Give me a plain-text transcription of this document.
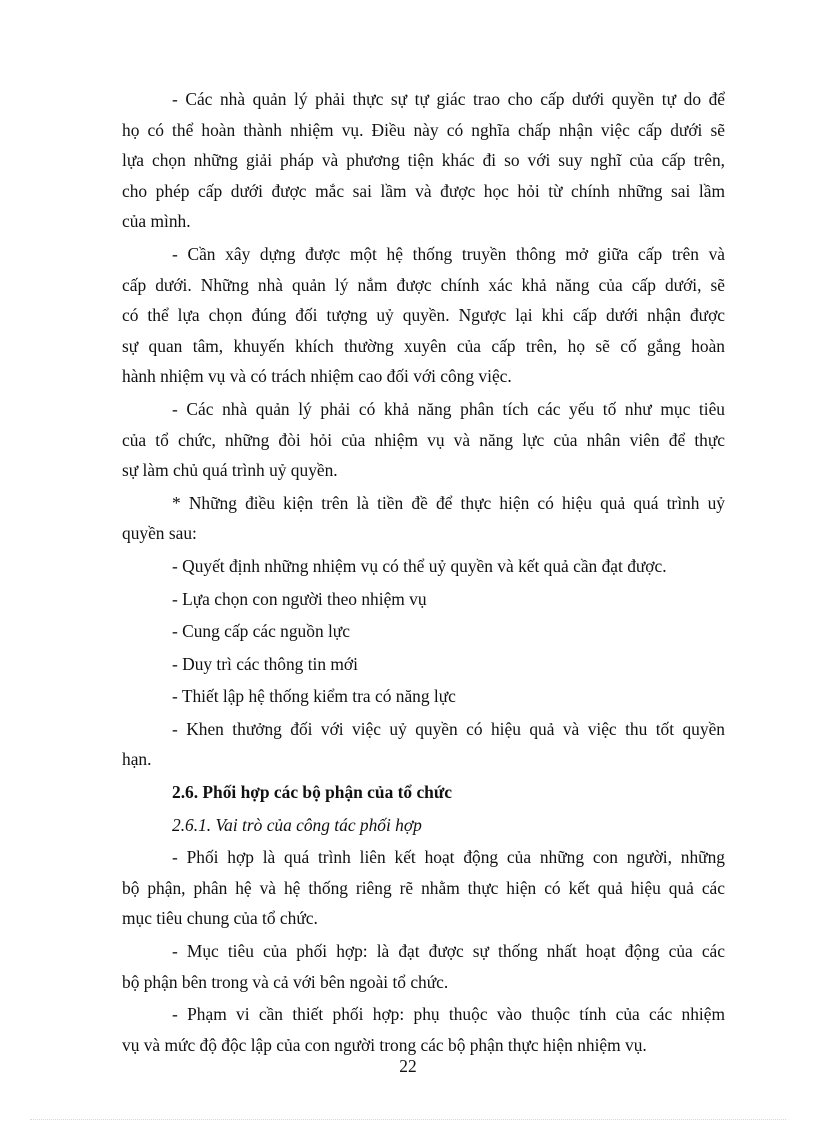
- Các nhà quản lý phải thực sự tự giác trao cho cấp dưới quyền tự do để

họ có thể hoàn thành nhiệm vụ. Điều này có nghĩa chấp nhận việc cấp dưới sẽ

lựa chọn những giải pháp và phương tiện khác đi so với suy nghĩ của cấp trên,

cho phép cấp dưới được mắc sai lầm và được học hỏi từ chính những sai lầm

của mình.

- Cần xây dựng được một hệ thống truyền thông mở giữa cấp trên và

cấp dưới. Những nhà quản lý nắm được chính xác khả năng của cấp dưới, sẽ

có thể lựa chọn đúng đối tượng uỷ quyền. Ngược lại khi cấp dưới nhận được

sự quan tâm, khuyến khích thường xuyên của cấp trên, họ sẽ cố gắng hoàn

hành nhiệm vụ và có trách nhiệm cao đối với công việc.

- Các nhà quản lý phải có khả năng phân tích các yếu tố như mục tiêu

của tổ chức, những đòi hỏi của nhiệm vụ và năng lực của nhân viên để thực

sự làm chủ quá trình uỷ quyền.

* Những điều kiện trên là tiền đề để thực hiện có hiệu quả quá trình uỷ

quyền sau:

- Quyết định những nhiệm vụ có thể uỷ quyền và kết quả cần đạt được.

- Lựa chọn con người theo nhiệm vụ

- Cung cấp các nguồn lực

- Duy trì các thông tin mới

- Thiết lập hệ thống kiểm tra có năng lực

- Khen thưởng đối với việc uỷ quyền có hiệu quả và việc thu tốt quyền

hạn.

2.6. Phối hợp các bộ phận của tổ chức
2.6.1. Vai trò của công tác phối hợp

- Phối hợp là quá trình liên kết hoạt động của những con người, những

bộ phận, phân hệ và hệ thống riêng rẽ nhằm thực hiện có kết quả hiệu quả các

mục tiêu chung của tổ chức.

- Mục tiêu của phối hợp: là đạt được sự thống nhất hoạt động của các

bộ phận bên trong và cả với bên ngoài tổ chức.

- Phạm vi cần thiết phối hợp: phụ thuộc vào thuộc tính của các nhiệm

vụ và mức độ độc lập của con người trong các bộ phận thực hiện nhiệm vụ.

22
